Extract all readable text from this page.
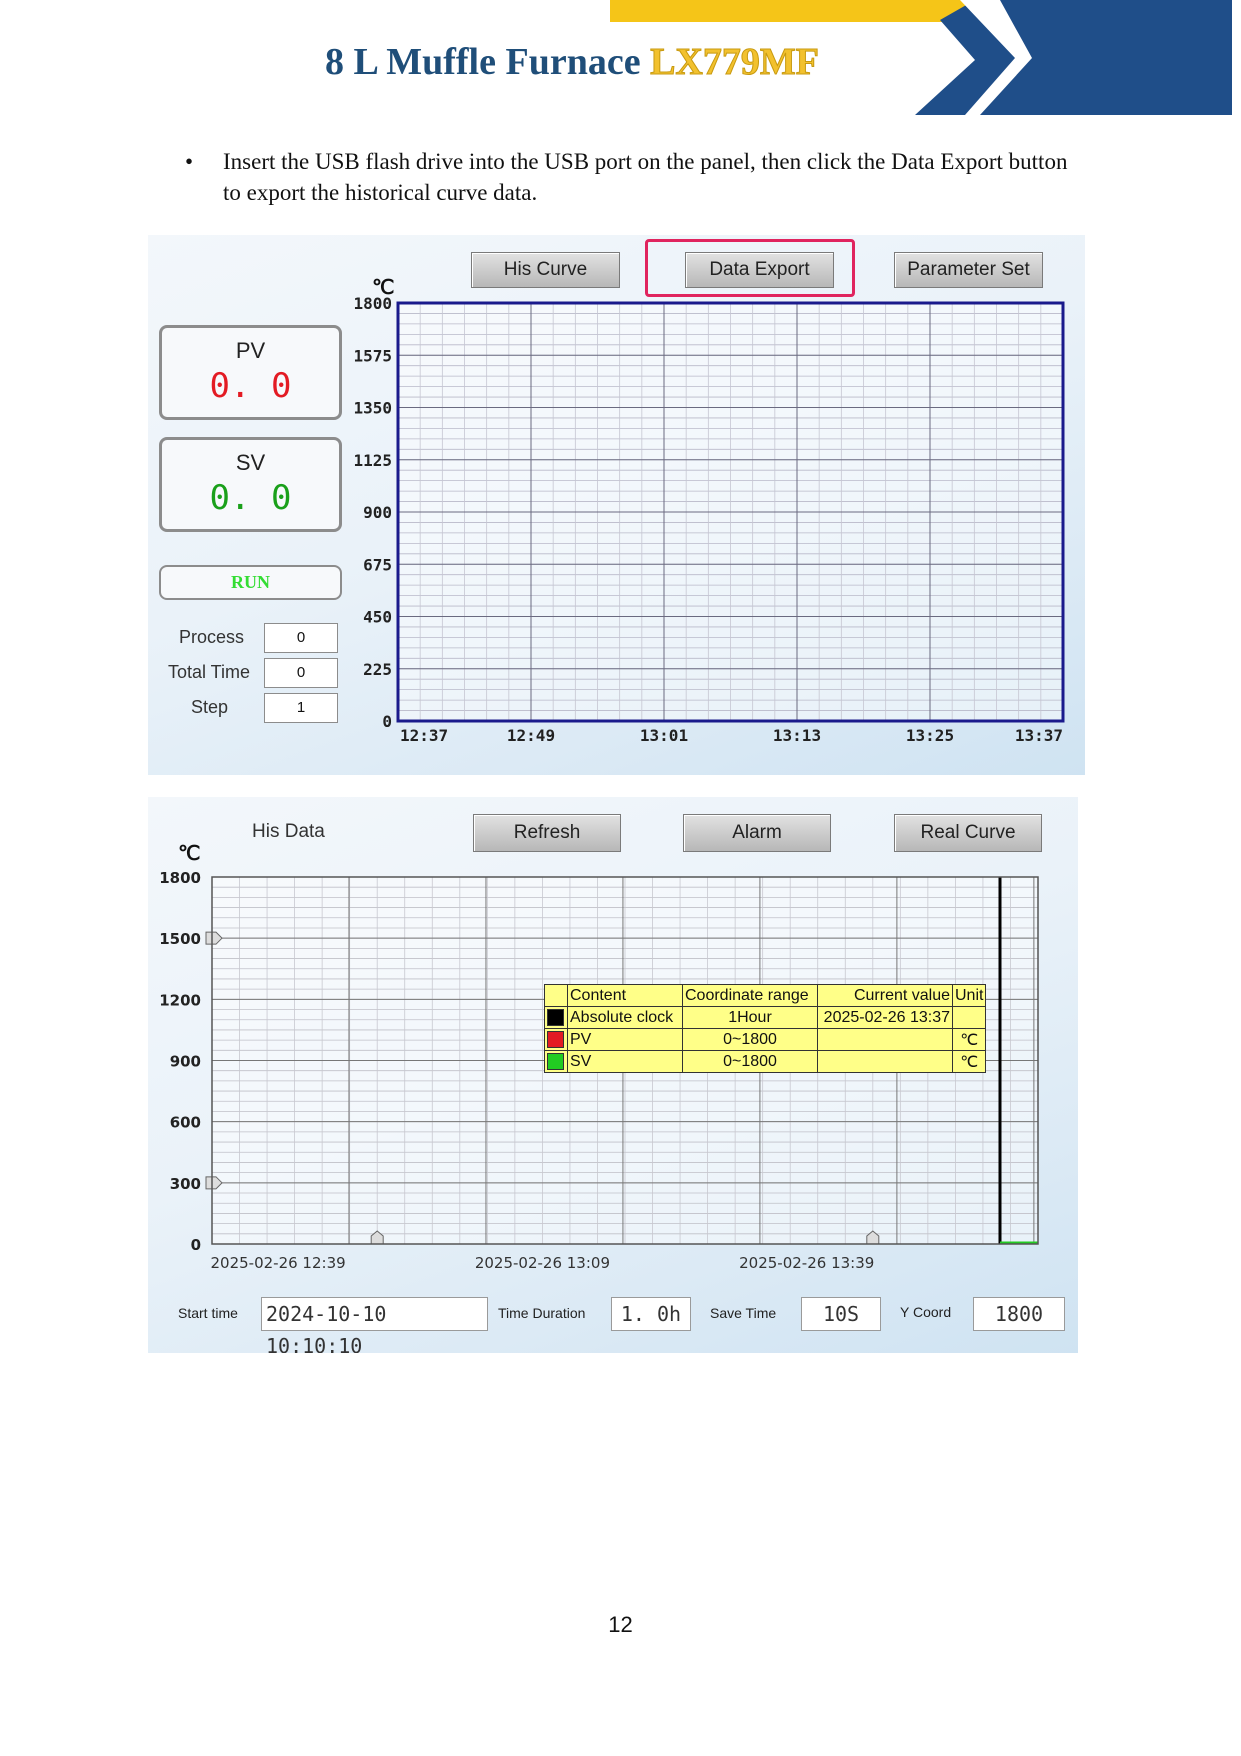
8 L Muffle Furnace LX779MF
• Insert the USB flash drive into the USB port on the panel, then click the Data Export button to export the historical curve data.
0
225
450
675
900
1125
1350
1575
1800
12:37	12:49	13:01	13:13	13:25	13:37
His Curve	Data Export	Parameter Set
PV
0. 0
SV
0. 0
RUN
Process	0
Total Time	0
Step	1
℃
0
300
600
900
1200
1500
1800
2025-02-26 12:39	2025-02-26 13:09	2025-02-26 13:39
His Data
℃
Refresh	Alarm	Real Curve
Start time 2024-10-10 10:10:10
Time Duration	1. 0h	Save Time	10S	Y Coord	1800
	Content	Coordinate range	Current value	Unit
	Absolute clock	1Hour	2025-02-26 13:37	
	PV	0~1800		℃
	SV	0~1800		℃
12
